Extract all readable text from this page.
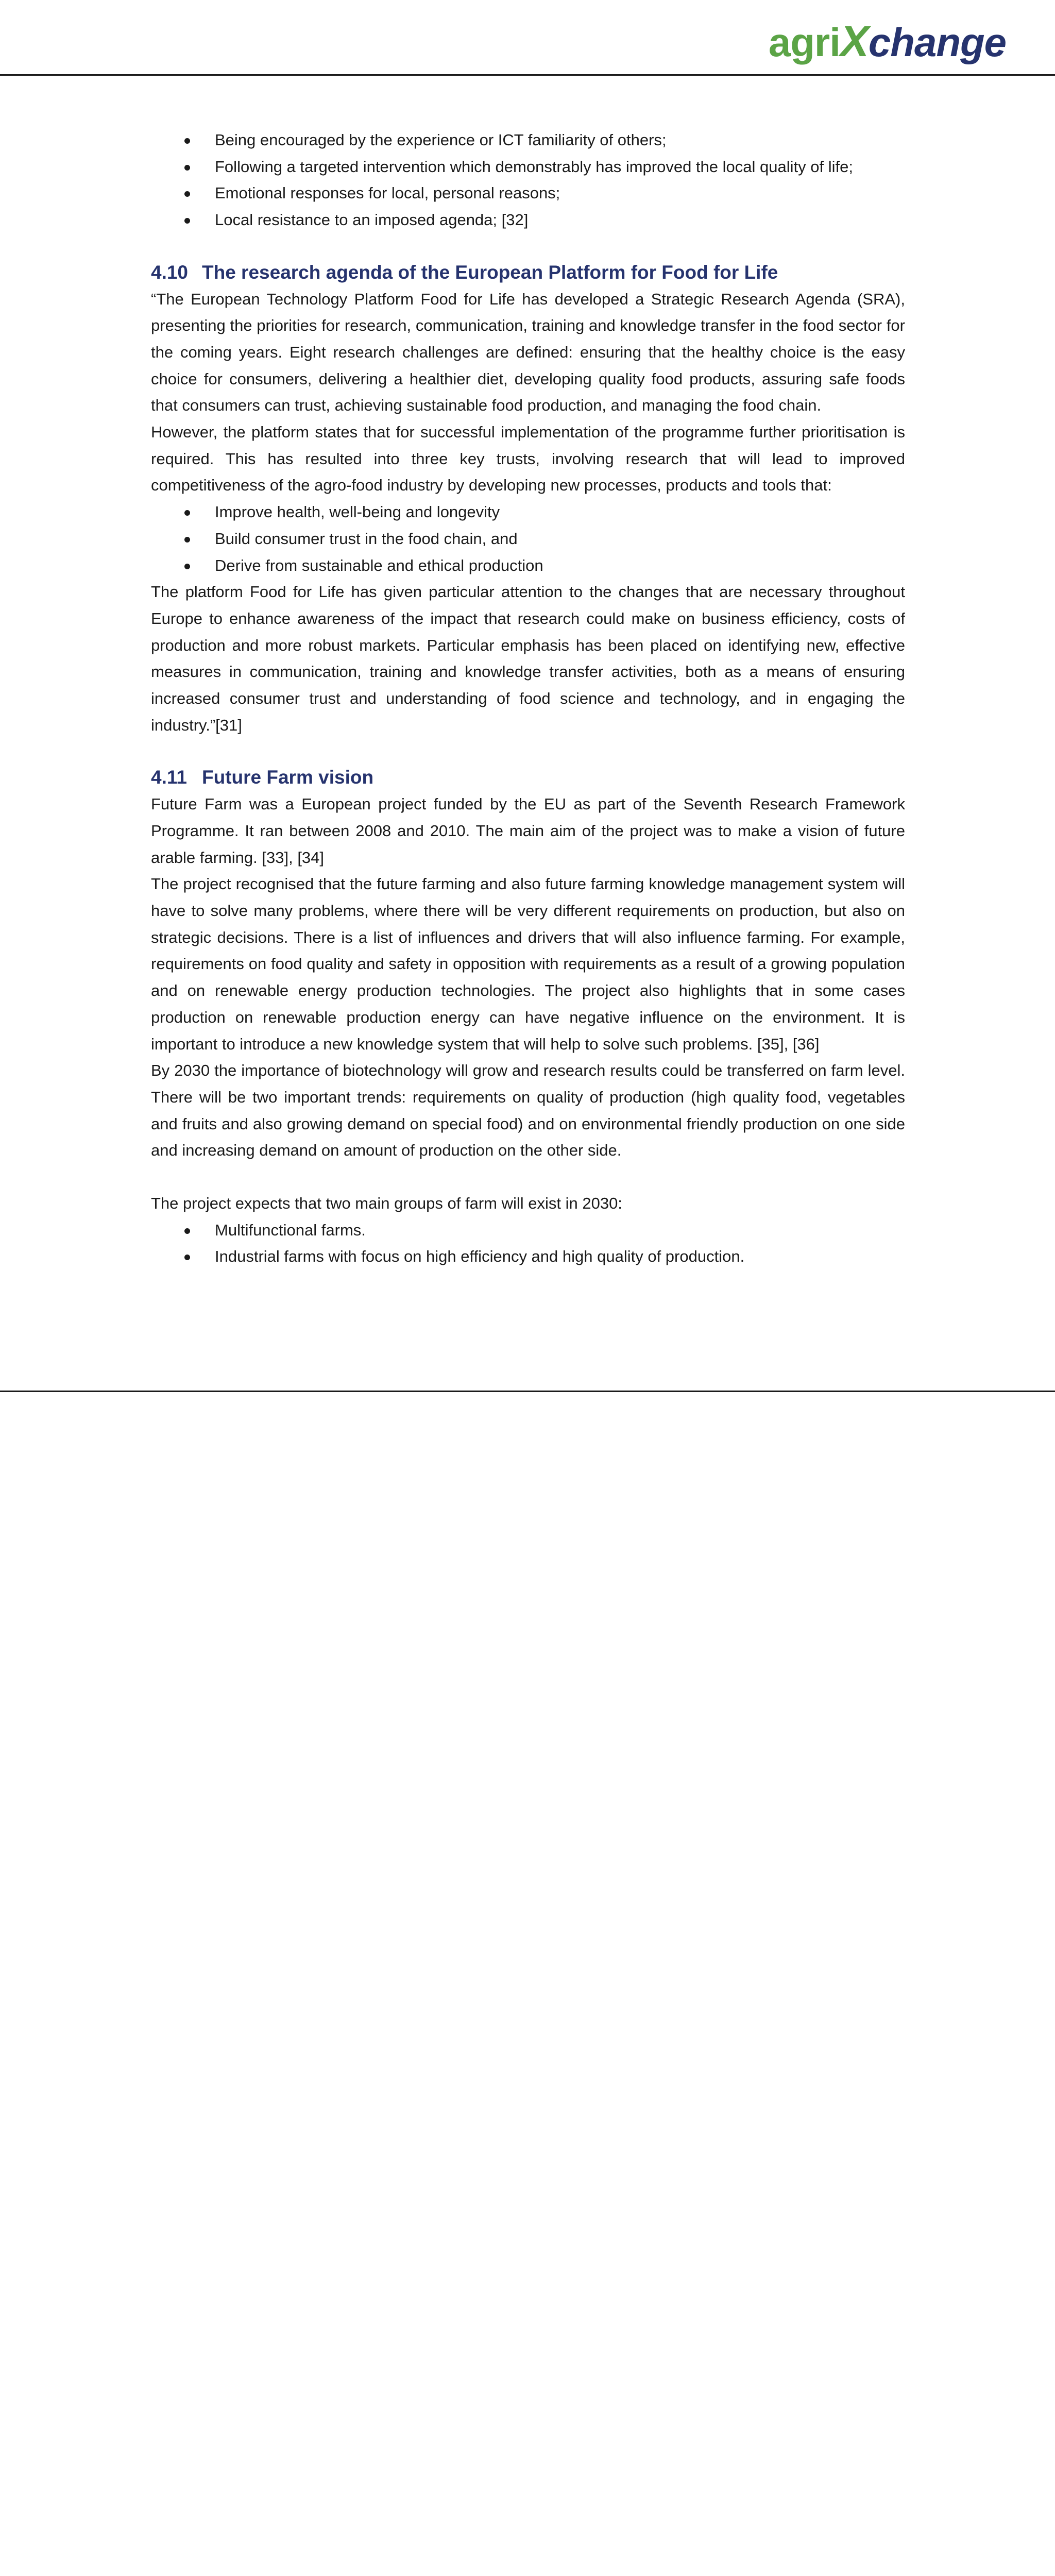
agriXchange
Being encouraged by the experience or ICT familiarity of others;
Following a targeted intervention which demonstrably has improved the local quality of life;
Emotional responses for local, personal reasons;
Local resistance to an imposed agenda; [32]
4.10 The research agenda of the European Platform for Food for Life

“The European Technology Platform Food for Life has developed a Strategic Research Agenda (SRA), presenting the priorities for research, communication, training and knowledge transfer in the food sector for the coming years. Eight research challenges are defined: ensuring that the healthy choice is the easy choice for consumers, delivering a healthier diet, developing quality food products, assuring safe foods that consumers can trust, achieving sustainable food production, and managing the food chain.

However, the platform states that for successful implementation of the programme further prioritisation is required. This has resulted into three key trusts, involving research that will lead to improved competitiveness of the agro-food industry by developing new processes, products and tools that:

Improve health, well-being and longevity
Build consumer trust in the food chain, and
Derive from sustainable and ethical production

The platform Food for Life has given particular attention to the changes that are necessary throughout Europe to enhance awareness of the impact that research could make on business efficiency, costs of production and more robust markets. Particular emphasis has been placed on identifying new, effective measures in communication, training and knowledge transfer activities, both as a means of ensuring increased consumer trust and understanding of food science and technology, and in engaging the industry.”[31]

4.11 Future Farm vision

Future Farm was a European project funded by the EU as part of the Seventh Research Framework Programme. It ran between 2008 and 2010. The main aim of the project was to make a vision of future arable farming. [33], [34]

The project recognised that the future farming and also future farming knowledge management system will have to solve many problems, where there will be very different requirements on production, but also on strategic decisions. There is a list of influences and drivers that will also influence farming. For example, requirements on food quality and safety in opposition with requirements as a result of a growing population and on renewable energy production technologies. The project also highlights that in some cases production on renewable production energy can have negative influence on the environment. It is important to introduce a new knowledge system that will help to solve such problems. [35], [36]

By 2030 the importance of biotechnology will grow and research results could be transferred on farm level. There will be two important trends: requirements on quality of production (high quality food, vegetables and fruits and also growing demand on special food) and on environmental friendly production on one side and increasing demand on amount of production on the other side.

The project expects that two main groups of farm will exist in 2030:

Multifunctional farms.
Industrial farms with focus on high efficiency and high quality of production.
